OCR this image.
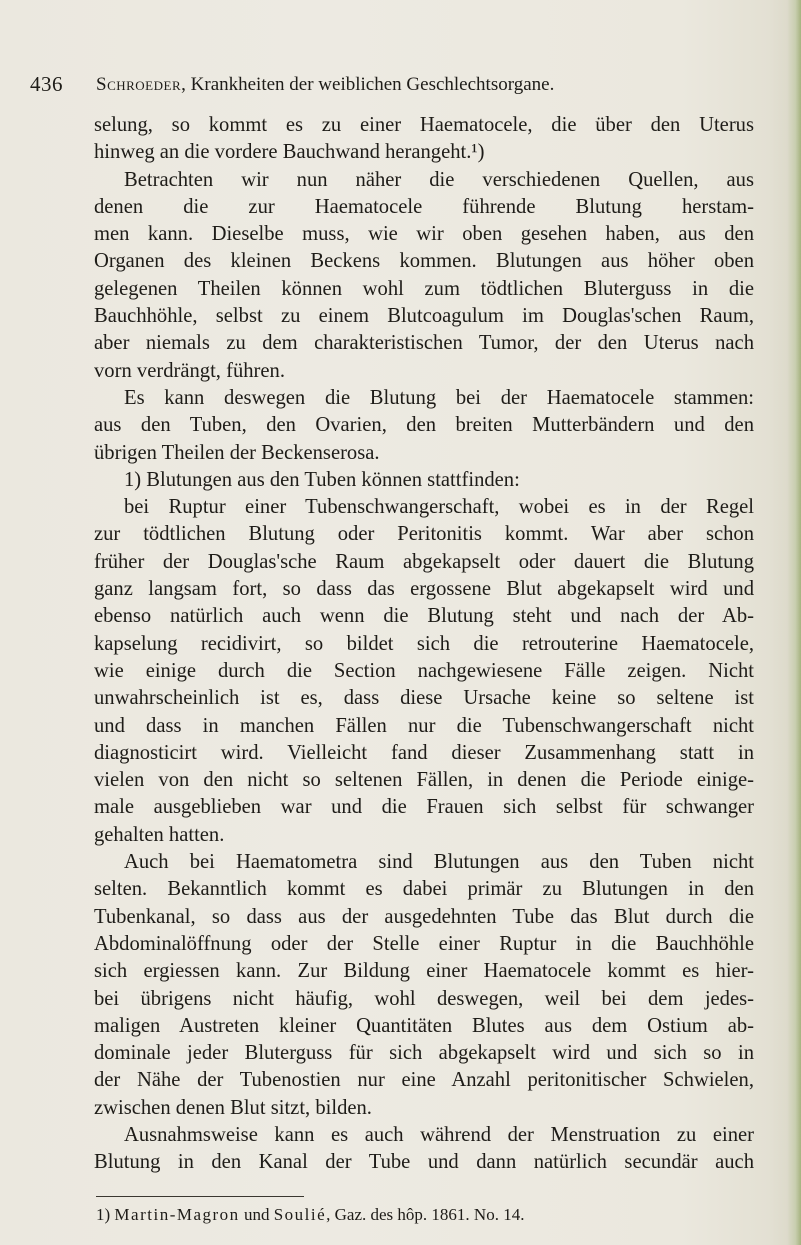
436 Schroeder, Krankheiten der weiblichen Geschlechtsorgane.
selung, so kommt es zu einer Haematocele, die über den Uterus
hinweg an die vordere Bauchwand herangeht.¹)
Betrachten wir nun näher die verschiedenen Quellen, aus
denen die zur Haematocele führende Blutung herstam-
men kann. Dieselbe muss, wie wir oben gesehen haben, aus den
Organen des kleinen Beckens kommen. Blutungen aus höher oben
gelegenen Theilen können wohl zum tödtlichen Bluterguss in die
Bauchhöhle, selbst zu einem Blutcoagulum im Douglas'schen Raum,
aber niemals zu dem charakteristischen Tumor, der den Uterus nach
vorn verdrängt, führen.
Es kann deswegen die Blutung bei der Haematocele stammen:
aus den Tuben, den Ovarien, den breiten Mutterbändern und den
übrigen Theilen der Beckenserosa.
1) Blutungen aus den Tuben können stattfinden:
bei Ruptur einer Tubenschwangerschaft, wobei es in der Regel
zur tödtlichen Blutung oder Peritonitis kommt. War aber schon
früher der Douglas'sche Raum abgekapselt oder dauert die Blutung
ganz langsam fort, so dass das ergossene Blut abgekapselt wird und
ebenso natürlich auch wenn die Blutung steht und nach der Ab-
kapselung recidivirt, so bildet sich die retrouterine Haematocele,
wie einige durch die Section nachgewiesene Fälle zeigen. Nicht
unwahrscheinlich ist es, dass diese Ursache keine so seltene ist
und dass in manchen Fällen nur die Tubenschwangerschaft nicht
diagnosticirt wird. Vielleicht fand dieser Zusammenhang statt in
vielen von den nicht so seltenen Fällen, in denen die Periode einige-
male ausgeblieben war und die Frauen sich selbst für schwanger
gehalten hatten.
Auch bei Haematometra sind Blutungen aus den Tuben nicht
selten. Bekanntlich kommt es dabei primär zu Blutungen in den
Tubenkanal, so dass aus der ausgedehnten Tube das Blut durch die
Abdominalöffnung oder der Stelle einer Ruptur in die Bauchhöhle
sich ergiessen kann. Zur Bildung einer Haematocele kommt es hier-
bei übrigens nicht häufig, wohl deswegen, weil bei dem jedes-
maligen Austreten kleiner Quantitäten Blutes aus dem Ostium ab-
dominale jeder Bluterguss für sich abgekapselt wird und sich so in
der Nähe der Tubenostien nur eine Anzahl peritonitischer Schwielen,
zwischen denen Blut sitzt, bilden.
Ausnahmsweise kann es auch während der Menstruation zu einer
Blutung in den Kanal der Tube und dann natürlich secundär auch
1) Martin-Magron und Soulié, Gaz. des hôp. 1861. No. 14.
